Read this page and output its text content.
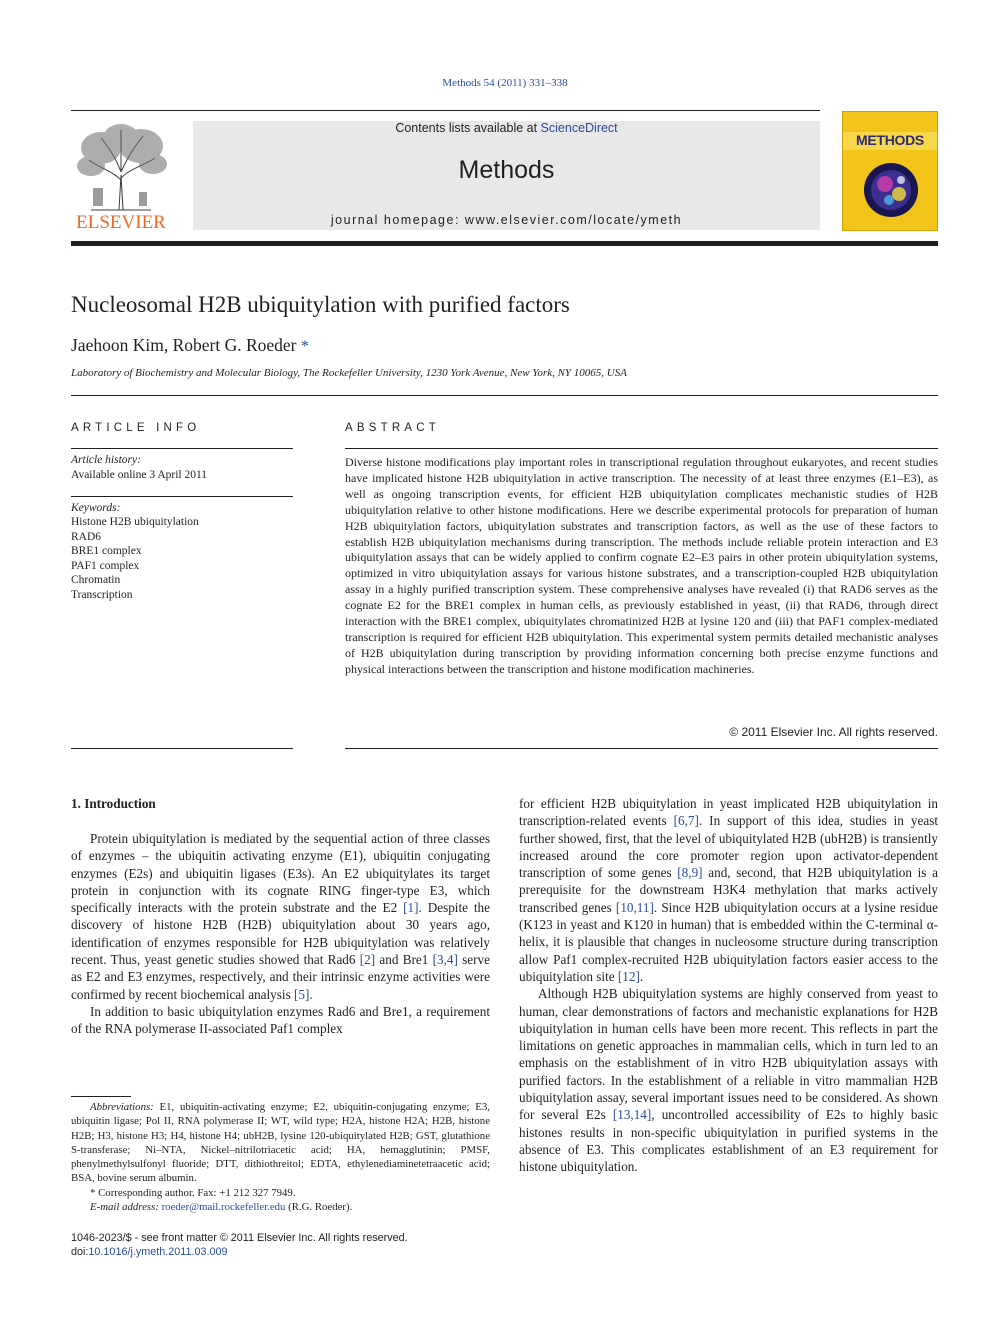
Methods 54 (2011) 331–338
ELSEVIER
Contents lists available at ScienceDirect
Methods
journal homepage: www.elsevier.com/locate/ymeth
METHODS
Nucleosomal H2B ubiquitylation with purified factors
Jaehoon Kim, Robert G. Roeder *
Laboratory of Biochemistry and Molecular Biology, The Rockefeller University, 1230 York Avenue, New York, NY 10065, USA
ARTICLE INFO
Article history:
Available online 3 April 2011
Keywords:
Histone H2B ubiquitylation
RAD6
BRE1 complex
PAF1 complex
Chromatin
Transcription
ABSTRACT

Diverse histone modifications play important roles in transcriptional regulation throughout eukaryotes, and recent studies have implicated histone H2B ubiquitylation in active transcription. The necessity of at least three enzymes (E1–E3), as well as ongoing transcription events, for efficient H2B ubiquitylation complicates mechanistic studies of H2B ubiquitylation relative to other histone modifications. Here we describe experimental protocols for preparation of human H2B ubiquitylation factors, ubiquitylation substrates and transcription factors, as well as the use of these factors to establish H2B ubiquitylation mechanisms during transcription. The methods include reliable protein interaction and E3 ubiquitylation assays that can be widely applied to confirm cognate E2–E3 pairs in other protein ubiquitylation systems, optimized in vitro ubiquitylation assays for various histone substrates, and a transcription-coupled H2B ubiquitylation assay in a highly purified transcription system. These comprehensive analyses have revealed (i) that RAD6 serves as the cognate E2 for the BRE1 complex in human cells, as previously established in yeast, (ii) that RAD6, through direct interaction with the BRE1 complex, ubiquitylates chromatinized H2B at lysine 120 and (iii) that PAF1 complex-mediated transcription is required for efficient H2B ubiquitylation. This experimental system permits detailed mechanistic analyses of H2B ubiquitylation during transcription by providing information concerning both precise enzyme functions and physical interactions between the transcription and histone modification machineries.

© 2011 Elsevier Inc. All rights reserved.
1. Introduction

Protein ubiquitylation is mediated by the sequential action of three classes of enzymes – the ubiquitin activating enzyme (E1), ubiquitin conjugating enzymes (E2s) and ubiquitin ligases (E3s). An E2 ubiquitylates its target protein in conjunction with its cognate RING finger-type E3, which specifically interacts with the protein substrate and the E2 [1]. Despite the discovery of histone H2B (H2B) ubiquitylation about 30 years ago, identification of enzymes responsible for H2B ubiquitylation was relatively recent. Thus, yeast genetic studies showed that Rad6 [2] and Bre1 [3,4] serve as E2 and E3 enzymes, respectively, and their intrinsic enzyme activities were confirmed by recent biochemical analysis [5].

In addition to basic ubiquitylation enzymes Rad6 and Bre1, a requirement of the RNA polymerase II-associated Paf1 complex

for efficient H2B ubiquitylation in yeast implicated H2B ubiquitylation in transcription-related events [6,7]. In support of this idea, studies in yeast further showed, first, that the level of ubiquitylated H2B (ubH2B) is transiently increased around the core promoter region upon activator-dependent transcription of some genes [8,9] and, second, that H2B ubiquitylation is a prerequisite for the downstream H3K4 methylation that marks actively transcribed genes [10,11]. Since H2B ubiquitylation occurs at a lysine residue (K123 in yeast and K120 in human) that is embedded within the C-terminal α-helix, it is plausible that changes in nucleosome structure during transcription allow Paf1 complex-recruited H2B ubiquitylation factors easier access to the ubiquitylation site [12].

Although H2B ubiquitylation systems are highly conserved from yeast to human, clear demonstrations of factors and mechanistic explanations for H2B ubiquitylation in human cells have been more recent. This reflects in part the limitations on genetic approaches in mammalian cells, which in turn led to an emphasis on the establishment of in vitro H2B ubiquitylation assays with purified factors. In the establishment of a reliable in vitro mammalian H2B ubiquitylation assay, several important issues need to be considered. As shown for several E2s [13,14], uncontrolled accessibility of E2s to highly basic histones results in non-specific ubiquitylation in purified systems in the absence of E3. This complicates establishment of an E3 requirement for histone ubiquitylation.

Abbreviations: E1, ubiquitin-activating enzyme; E2, ubiquitin-conjugating enzyme; E3, ubiquitin ligase; Pol II, RNA polymerase II; WT, wild type; H2A, histone H2A; H2B, histone H2B; H3, histone H3; H4, histone H4; ubH2B, lysine 120-ubiquitylated H2B; GST, glutathione S-transferase; Ni–NTA, Nickel–nitrilotriacetic acid; HA, hemagglutinin; PMSF, phenylmethylsulfonyl fluoride; DTT, dithiothreitol; EDTA, ethylenediaminetetraacetic acid; BSA, bovine serum albumin.

* Corresponding author. Fax: +1 212 327 7949.

E-mail address: roeder@mail.rockefeller.edu (R.G. Roeder).

1046-2023/$ - see front matter © 2011 Elsevier Inc. All rights reserved.
doi:10.1016/j.ymeth.2011.03.009
